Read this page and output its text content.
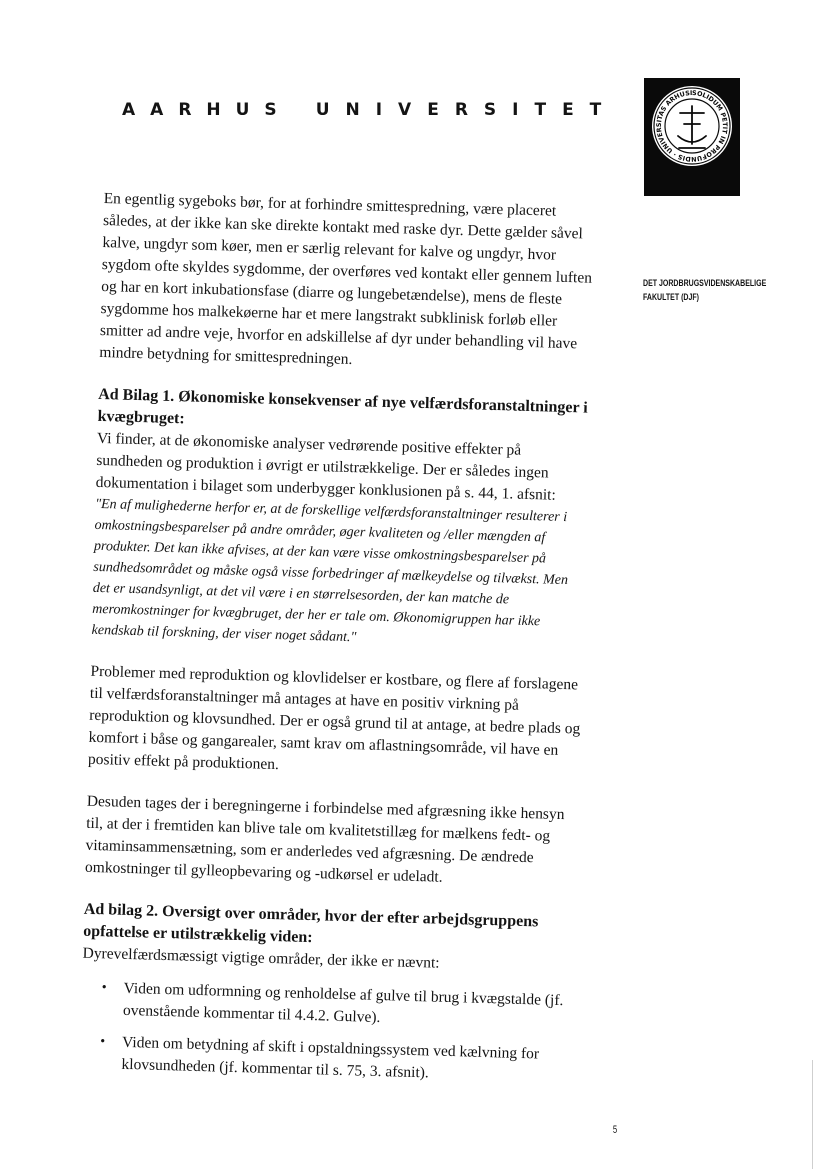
AARHUS UNIVERSITET
SOLIDUM PETIT IN PROFUNDIS · UNIVERSITAS ARHUSI
DET JORDBRUGSVIDENSKABELIGE
FAKULTET (DJF)

En egentlig sygeboks bør, for at forhindre smittespredning, være placeret således, at der ikke kan ske direkte kontakt med raske dyr. Dette gælder såvel kalve, ungdyr som køer, men er særlig relevant for kalve og ungdyr, hvor sygdom ofte skyldes sygdomme, der overføres ved kontakt eller gennem luften og har en kort inkubationsfase (diarre og lungebetændelse), mens de fleste sygdomme hos malkekøerne har et mere langstrakt subklinisk forløb eller smitter ad andre veje, hvorfor en adskillelse af dyr under behandling vil have mindre betydning for smittespredningen.

Ad Bilag 1. Økonomiske konsekvenser af nye velfærdsforanstaltninger i kvægbruget:

Vi finder, at de økonomiske analyser vedrørende positive effekter på sundheden og produktion i øvrigt er utilstrækkelige. Der er således ingen dokumentation i bilaget som underbygger konklusionen på s. 44, 1. afsnit:

"En af mulighederne herfor er, at de forskellige velfærdsforanstaltninger resulterer i omkostningsbesparelser på andre områder, øger kvaliteten og /eller mængden af produkter. Det kan ikke afvises, at der kan være visse omkostningsbesparelser på sundhedsområdet og måske også visse forbedringer af mælkeydelse og tilvækst. Men det er usandsynligt, at det vil være i en størrelsesorden, der kan matche de meromkostninger for kvægbruget, der her er tale om. Økonomigruppen har ikke kendskab til forskning, der viser noget sådant."

Problemer med reproduktion og klovlidelser er kostbare, og flere af forslagene til velfærdsforanstaltninger må antages at have en positiv virkning på reproduktion og klovsundhed. Der er også grund til at antage, at bedre plads og komfort i båse og gangarealer, samt krav om aflastningsområde, vil have en positiv effekt på produktionen.

Desuden tages der i beregningerne i forbindelse med afgræsning ikke hensyn til, at der i fremtiden kan blive tale om kvalitetstillæg for mælkens fedt- og vitaminsammensætning, som er anderledes ved afgræsning. De ændrede omkostninger til gylleopbevaring og -udkørsel er udeladt.

Ad bilag 2. Oversigt over områder, hvor der efter arbejdsgruppens opfattelse er utilstrækkelig viden:

Dyrevelfærdsmæssigt vigtige områder, der ikke er nævnt:

• Viden om udformning og renholdelse af gulve til brug i kvægstalde (jf. ovenstående kommentar til 4.4.2. Gulve).
• Viden om betydning af skift i opstaldningssystem ved kælvning for klovsundheden (jf. kommentar til s. 75, 3. afsnit).
5
